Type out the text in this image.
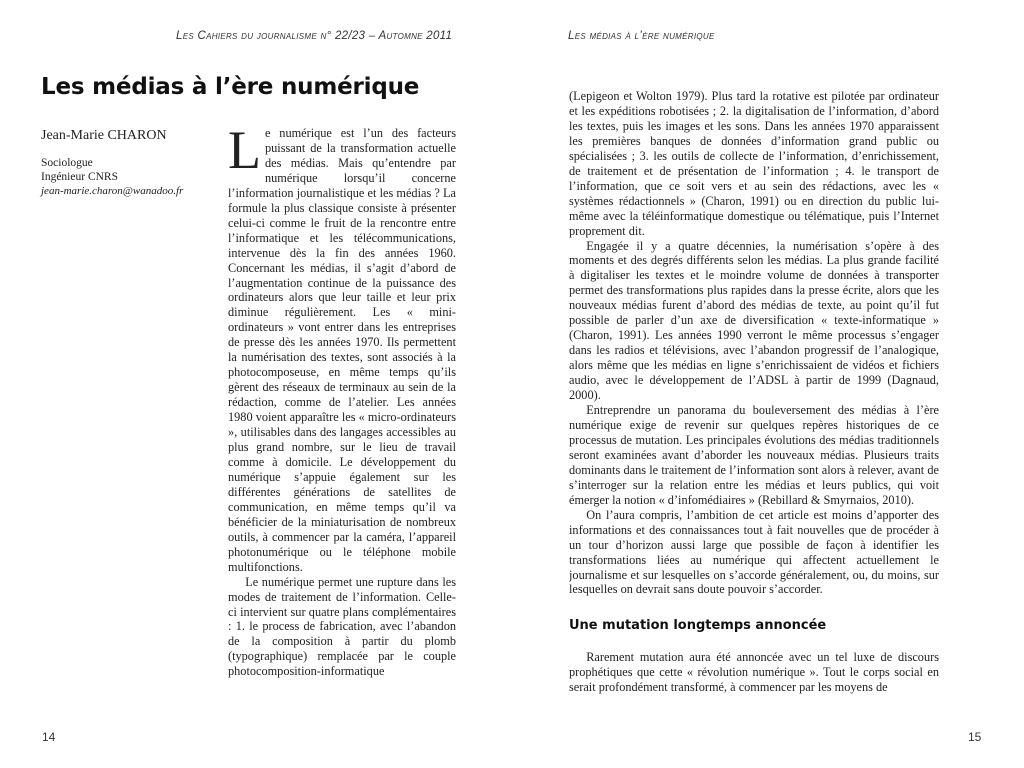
Les Cahiers du journalisme n° 22/23 – Automne 2011	Les médias à l’ère numérique
Les médias à l’ère numérique

Jean-Marie CHARON

Sociologue

Ingénieur CNRS

jean-marie.charon@wanadoo.fr

Le numérique est l’un des facteurs puissant de la transformation actuelle des médias. Mais qu’entendre par numérique lorsqu’il concerne l’information journalistique et les médias ? La formule la plus classique consiste à présenter celui-ci comme le fruit de la rencontre entre l’informatique et les télécommunications, intervenue dès la fin des années 1960. Concernant les médias, il s’agit d’abord de l’augmentation continue de la puissance des ordinateurs alors que leur taille et leur prix diminue régulièrement. Les « mini-ordinateurs » vont entrer dans les entreprises de presse dès les années 1970. Ils permettent la numérisation des textes, sont associés à la photocomposeuse, en même temps qu’ils gèrent des réseaux de terminaux au sein de la rédaction, comme de l’atelier. Les années 1980 voient apparaître les « micro-ordinateurs », utilisables dans des langages accessibles au plus grand nombre, sur le lieu de travail comme à domicile. Le développement du numérique s’appuie également sur les différentes générations de satellites de communication, en même temps qu’il va bénéficier de la miniaturisation de nombreux outils, à commencer par la caméra, l’appareil photonumérique ou le téléphone mobile multifonctions.

Le numérique permet une rupture dans les modes de traitement de l’information. Celle-ci intervient sur quatre plans complémentaires : 1. le process de fabrication, avec l’abandon de la composition à partir du plomb (typographique) remplacée par le couple photocomposition-informatique

(Lepigeon et Wolton 1979). Plus tard la rotative est pilotée par ordinateur et les expéditions robotisées ; 2. la digitalisation de l’information, d’abord les textes, puis les images et les sons. Dans les années 1970 apparaissent les premières banques de données d’information grand public ou spécialisées ; 3. les outils de collecte de l’information, d’enrichissement, de traitement et de présentation de l’information ; 4. le transport de l’information, que ce soit vers et au sein des rédactions, avec les « systèmes rédactionnels » (Charon, 1991) ou en direction du public lui-même avec la téléinformatique domestique ou télématique, puis l’Internet proprement dit.

Engagée il y a quatre décennies, la numérisation s’opère à des moments et des degrés différents selon les médias. La plus grande facilité à digitaliser les textes et le moindre volume de données à transporter permet des transformations plus rapides dans la presse écrite, alors que les nouveaux médias furent d’abord des médias de texte, au point qu’il fut possible de parler d’un axe de diversification « texte-informatique » (Charon, 1991). Les années 1990 verront le même processus s’engager dans les radios et télévisions, avec l’abandon progressif de l’analogique, alors même que les médias en ligne s’enrichissaient de vidéos et fichiers audio, avec le développement de l’ADSL à partir de 1999 (Dagnaud, 2000).

Entreprendre un panorama du bouleversement des médias à l’ère numérique exige de revenir sur quelques repères historiques de ce processus de mutation. Les principales évolutions des médias traditionnels seront examinées avant d’aborder les nouveaux médias. Plusieurs traits dominants dans le traitement de l’information sont alors à relever, avant de s’interroger sur la relation entre les médias et leurs publics, qui voit émerger la notion « d’infomédiaires » (Rebillard & Smyrnaios, 2010).

On l’aura compris, l’ambition de cet article est moins d’apporter des informations et des connaissances tout à fait nouvelles que de procéder à un tour d’horizon aussi large que possible de façon à identifier les transformations liées au numérique qui affectent actuellement le journalisme et sur lesquelles on s’accorde généralement, ou, du moins, sur lesquelles on devrait sans doute pouvoir s’accorder.

Une mutation longtemps annoncée

Rarement mutation aura été annoncée avec un tel luxe de discours prophétiques que cette « révolution numérique ». Tout le corps social en serait profondément transformé, à commencer par les moyens de

14	15
